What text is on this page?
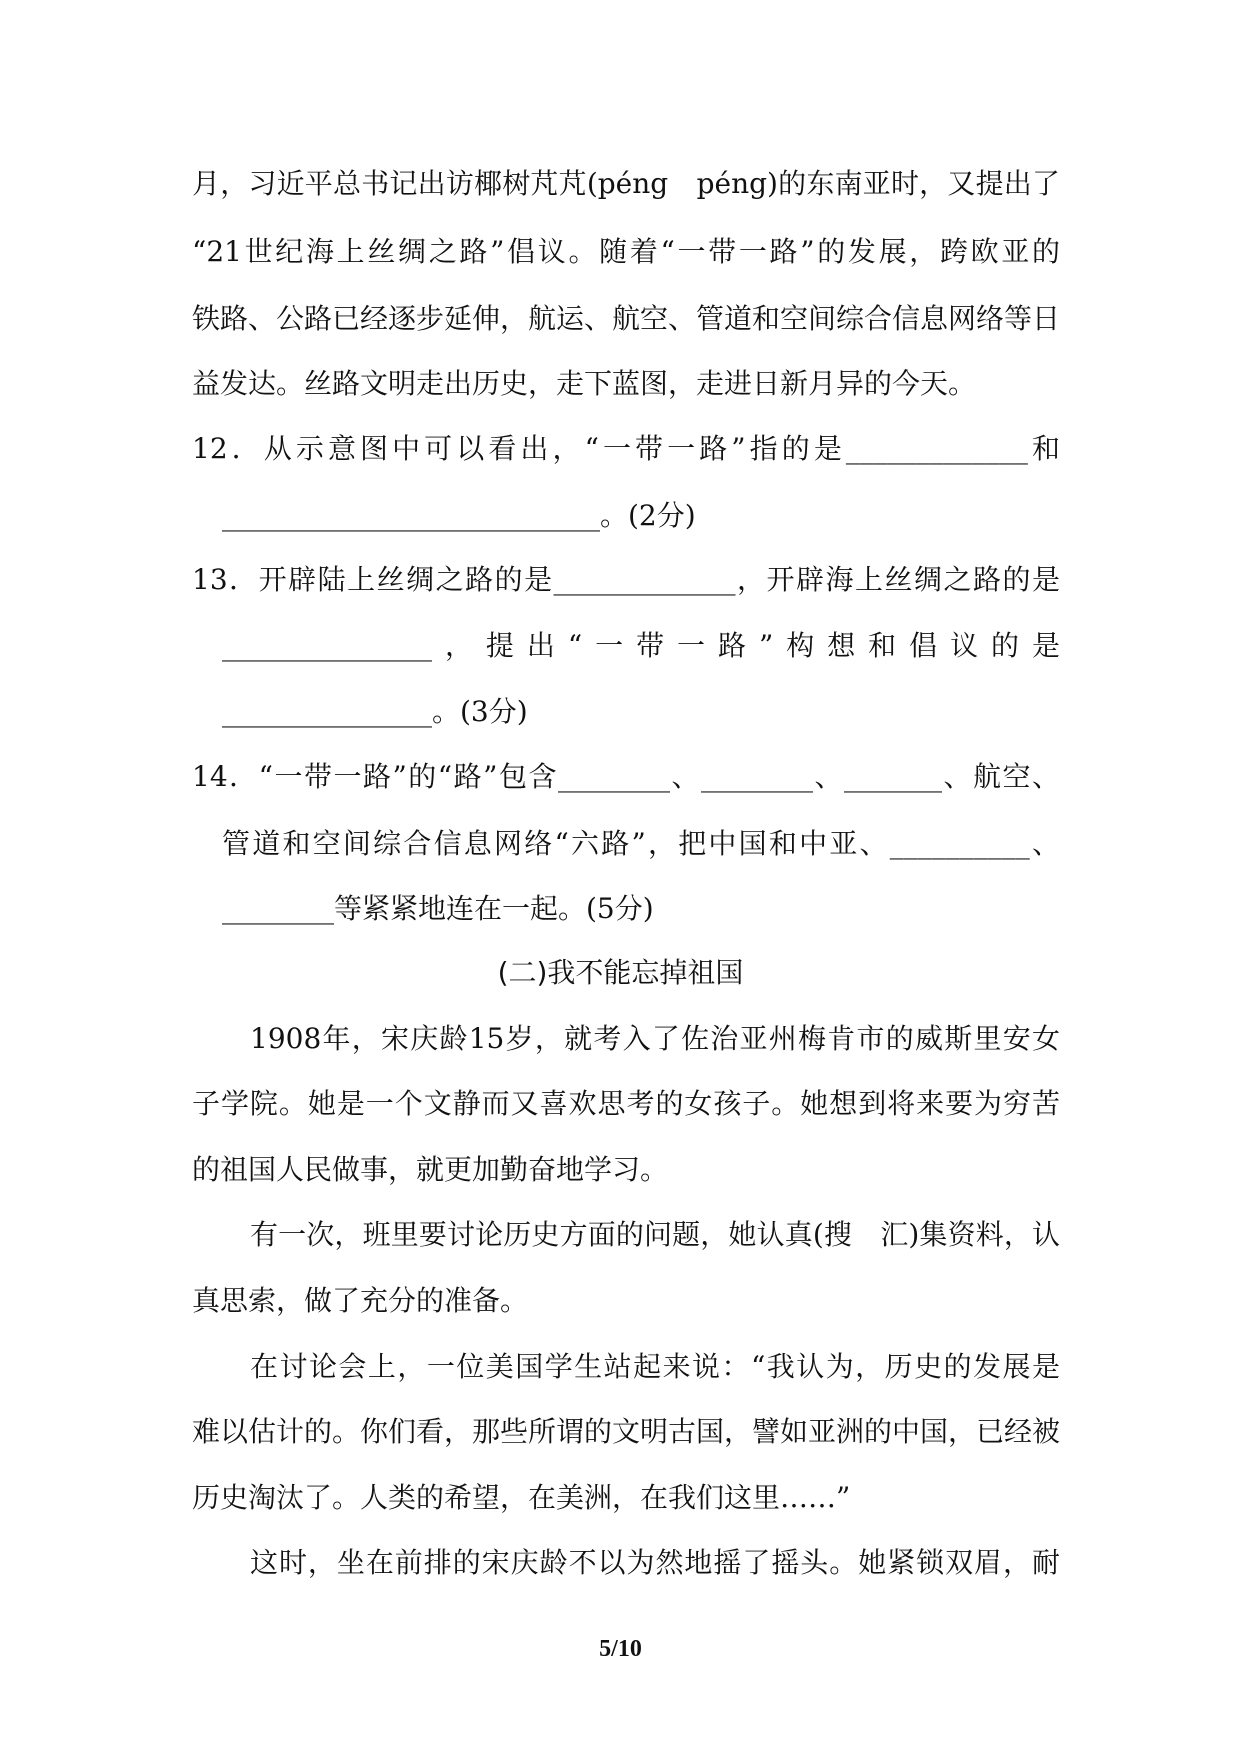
月，习近平总书记出访椰树芃芃(péng　péng)的东南亚时，又提出了
“21世纪海上丝绸之路”倡议。随着“一带一路”的发展，跨欧亚的
铁路、公路已经逐步延伸，航运、航空、管道和空间综合信息网络等日
益发达。丝路文明走出历史，走下蓝图，走进日新月异的今天。
12．从示意图中可以看出，“一带一路”指的是_____________和
___________________________。(2分)
13．开辟陆上丝绸之路的是_____________，开辟海上丝绸之路的是
_______________，提出“一带一路”构想和倡议的是
_______________。(3分)
14．“一带一路”的“路”包含________、________、_______、航空、
管道和空间综合信息网络“六路”，把中国和中亚、__________、
________等紧紧地连在一起。(5分)
(二)我不能忘掉祖国
1908年，宋庆龄15岁，就考入了佐治亚州梅肯市的威斯里安女
子学院。她是一个文静而又喜欢思考的女孩子。她想到将来要为穷苦
的祖国人民做事，就更加勤奋地学习。
有一次，班里要讨论历史方面的问题，她认真(搜　汇)集资料，认
真思索，做了充分的准备。
在讨论会上，一位美国学生站起来说：“我认为，历史的发展是
难以估计的。你们看，那些所谓的文明古国，譬如亚洲的中国，已经被
历史淘汰了。人类的希望，在美洲，在我们这里……”
这时，坐在前排的宋庆龄不以为然地摇了摇头。她紧锁双眉，耐
5/10
